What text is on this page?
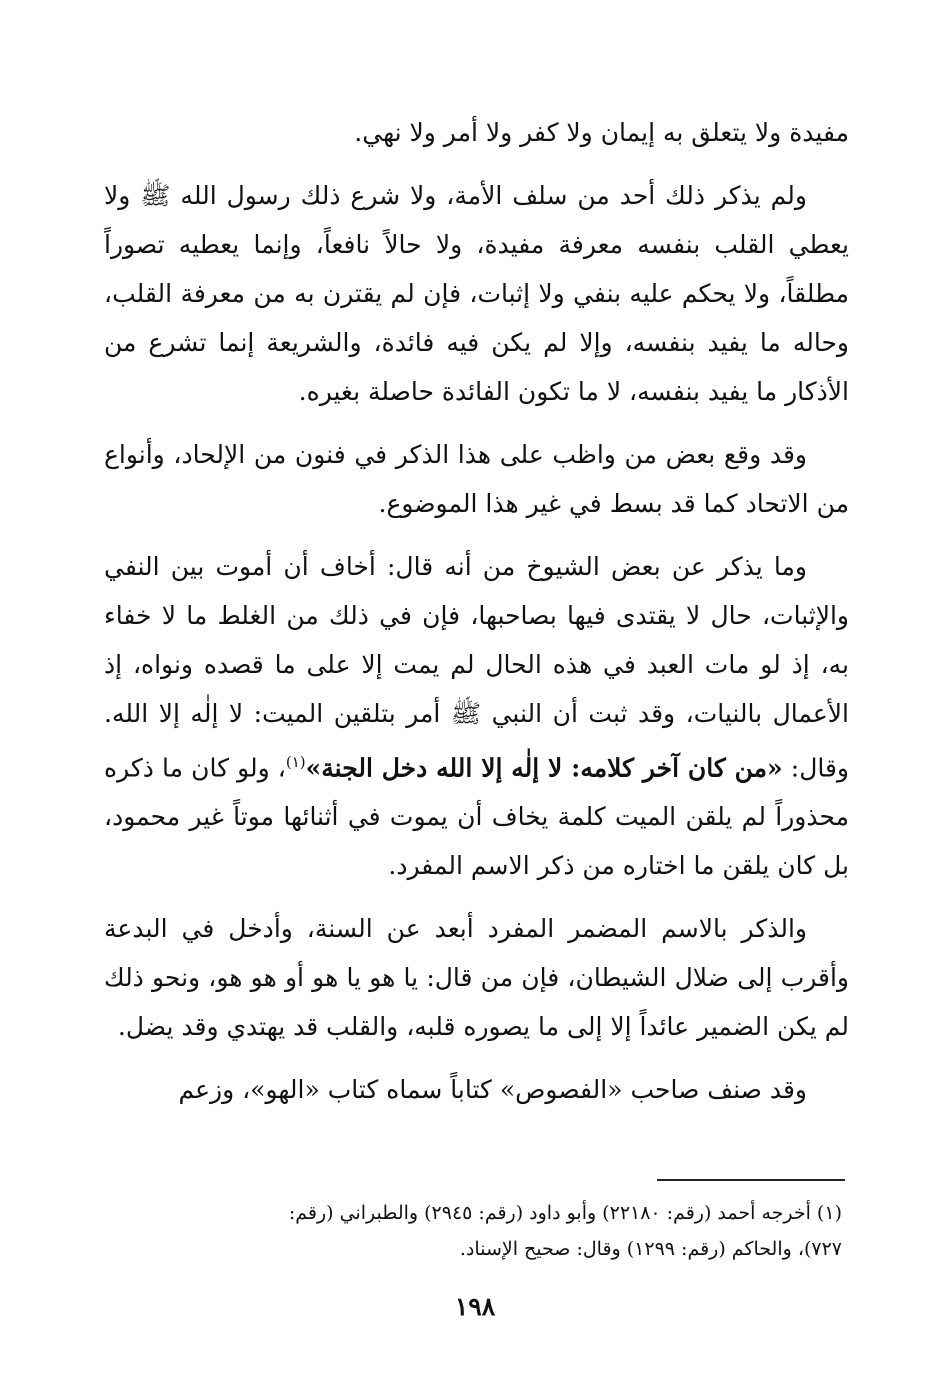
مفيدة ولا يتعلق به إيمان ولا كفر ولا أمر ولا نهي.

ولم يذكر ذلك أحد من سلف الأمة، ولا شرع ذلك رسول الله ﷺ ولا يعطي القلب بنفسه معرفة مفيدة، ولا حالاً نافعاً، وإنما يعطيه تصوراً مطلقاً، ولا يحكم عليه بنفي ولا إثبات، فإن لم يقترن به من معرفة القلب، وحاله ما يفيد بنفسه، وإلا لم يكن فيه فائدة، والشريعة إنما تشرع من الأذكار ما يفيد بنفسه، لا ما تكون الفائدة حاصلة بغيره.

وقد وقع بعض من واظب على هذا الذكر في فنون من الإلحاد، وأنواع من الاتحاد كما قد بسط في غير هذا الموضوع.

وما يذكر عن بعض الشيوخ من أنه قال: أخاف أن أموت بين النفي والإثبات، حال لا يقتدى فيها بصاحبها، فإن في ذلك من الغلط ما لا خفاء به، إذ لو مات العبد في هذه الحال لم يمت إلا على ما قصده ونواه، إذ الأعمال بالنيات، وقد ثبت أن النبي ﷺ أمر بتلقين الميت: لا إلٰه إلا الله. وقال: «من كان آخر كلامه: لا إلٰه إلا الله دخل الجنة»$^{(١)}$، ولو كان ما ذكره محذوراً لم يلقن الميت كلمة يخاف أن يموت في أثنائها موتاً غير محمود، بل كان يلقن ما اختاره من ذكر الاسم المفرد.

والذكر بالاسم المضمر المفرد أبعد عن السنة، وأدخل في البدعة وأقرب إلى ضلال الشيطان، فإن من قال: يا هو يا هو أو هو هو، ونحو ذلك لم يكن الضمير عائداً إلا إلى ما يصوره قلبه، والقلب قد يهتدي وقد يضل.

وقد صنف صاحب «الفصوص» كتاباً سماه كتاب «الهو»، وزعم

(١) أخرجه أحمد (رقم: ٢٢١٨٠) وأبو داود (رقم: ٢٩٤٥) والطبراني (رقم:

٧٢٧)، والحاكم (رقم: ١٢٩٩) وقال: صحيح الإسناد.

١٩٨
